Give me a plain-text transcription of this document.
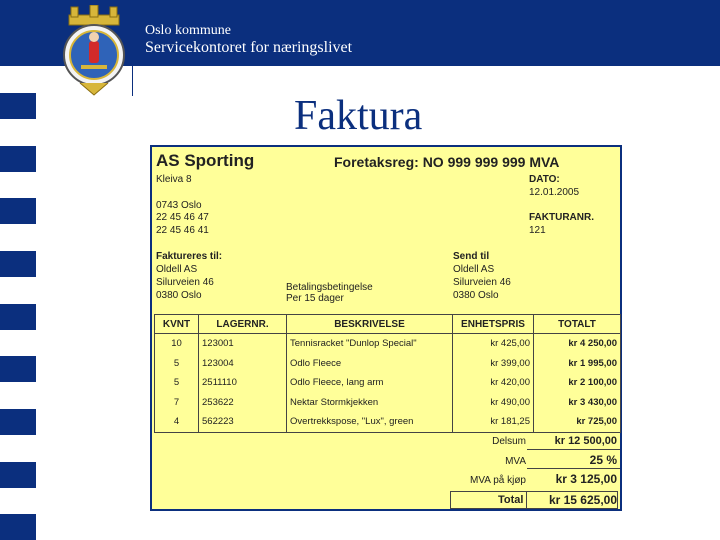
Oslo kommune
Servicekontoret for næringslivet
Faktura
AS Sporting
Kleiva 8
0743 Oslo
22 45 46 47
22 45 46 41
Foretaksreg: NO 999 999 999 MVA
DATO:
12.01.2005
FAKTURANR.
121
Faktureres til:
Oldell AS
Silurveien 46
0380 Oslo
Betalingsbetingelse
Per 15 dager
Send til
Oldell AS
Silurveien 46
0380 Oslo
KVNT	LAGERNR.	BESKRIVELSE	ENHETSPRIS	TOTALT
10	123001	Tennisracket "Dunlop Special"	kr 425,00	kr 4 250,00
5	123004	Odlo Fleece	kr 399,00	kr 1 995,00
5	2511110	Odlo Fleece, lang arm	kr 420,00	kr 2 100,00
7	253622	Nektar Stormkjekken	kr 490,00	kr 3 430,00
4	562223	Overtrekkspose, "Lux", green	kr 181,25	kr 725,00
Delsum	kr 12 500,00
MVA	25 %
MVA på kjøp	kr 3 125,00
Total	kr 15 625,00
